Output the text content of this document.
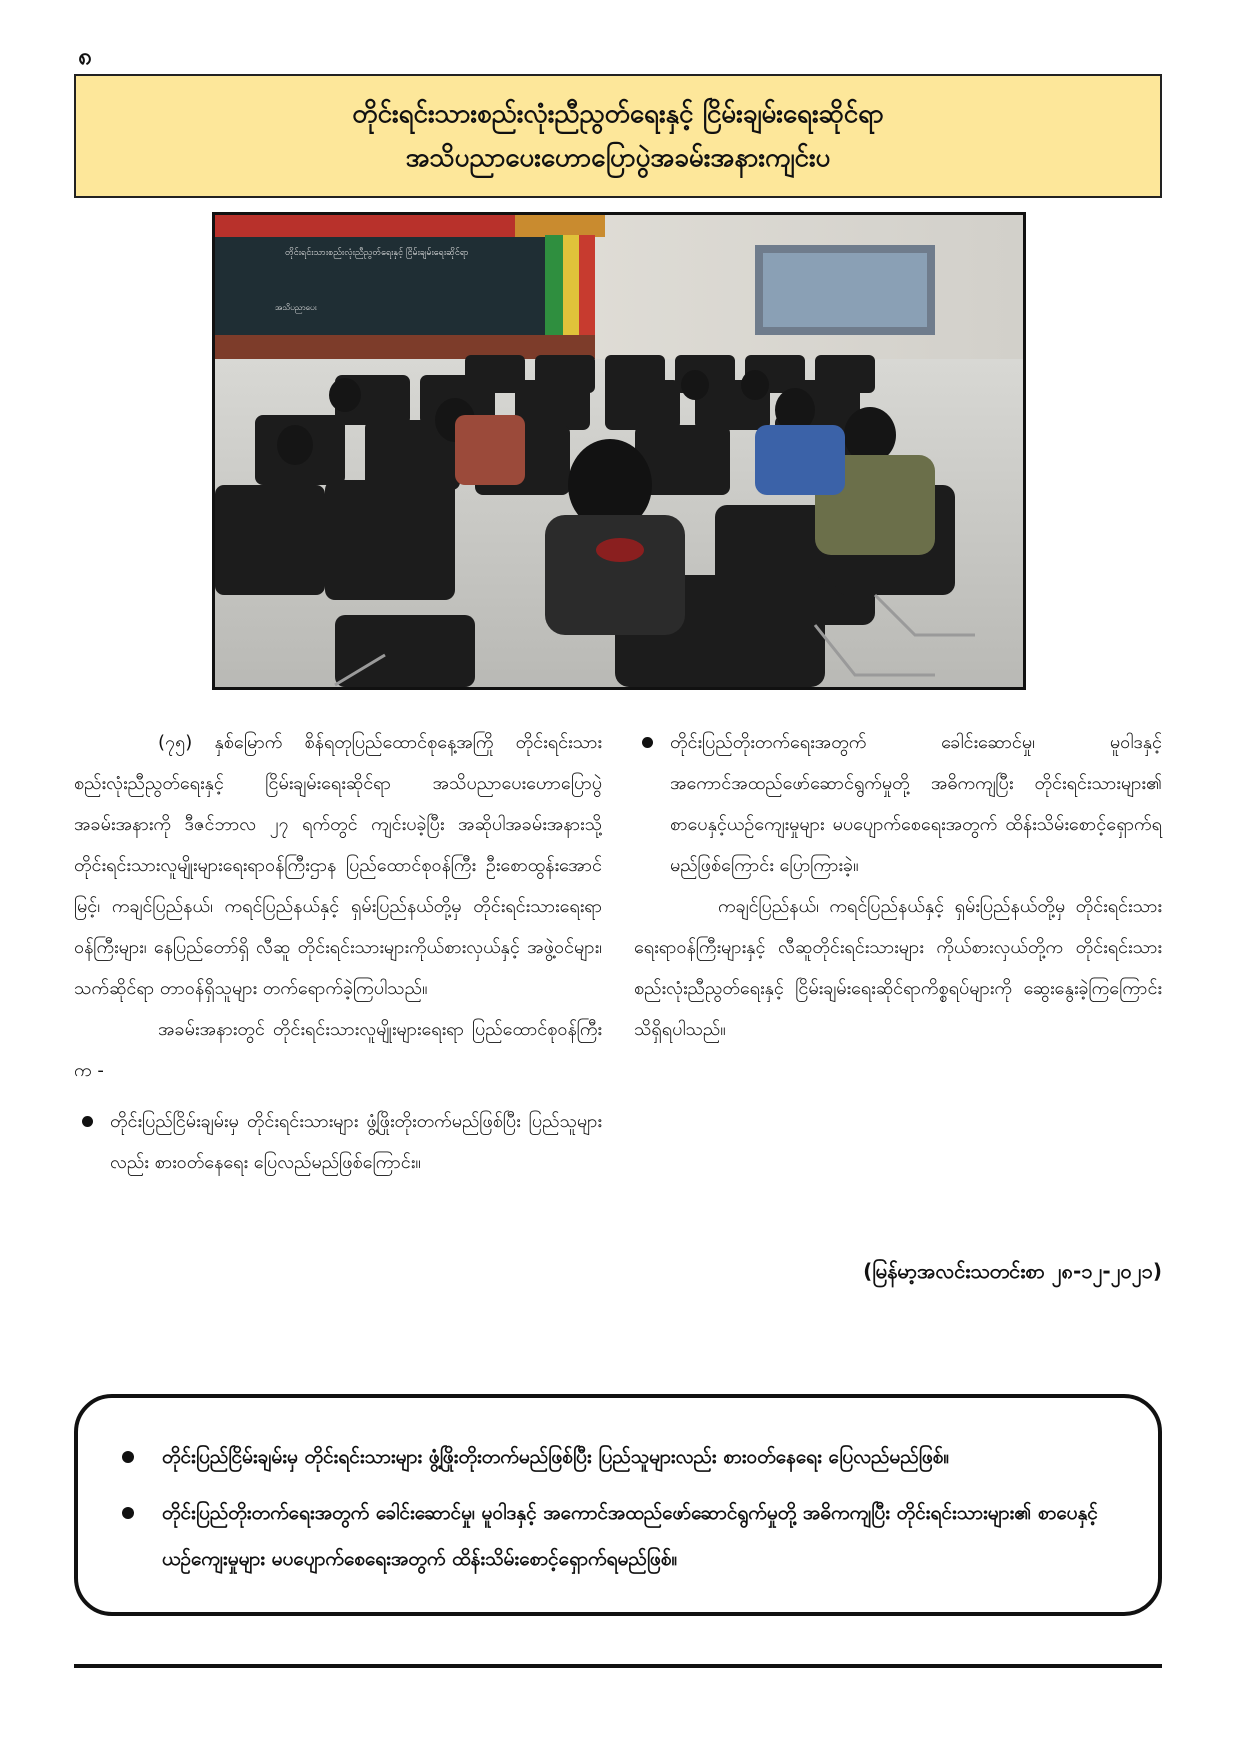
၈
တိုင်းရင်းသားစည်းလုံးညီညွတ်ရေးနှင့် ငြိမ်းချမ်းရေးဆိုင်ရာ
အသိပညာပေးဟောပြောပွဲအခမ်းအနားကျင်းပ
တိုင်းရင်းသားစည်းလုံးညီညွတ်ရေးနှင့် ငြိမ်းချမ်းရေးဆိုင်ရာ
အသိပညာပေး

(၇၅) နှစ်မြောက် စိန်ရတုပြည်ထောင်စုနေ့အကြို တိုင်းရင်းသားစည်းလုံးညီညွတ်ရေးနှင့် ငြိမ်းချမ်းရေးဆိုင်ရာ အသိပညာပေးဟောပြောပွဲအခမ်းအနားကို ဒီဇင်ဘာလ ၂၇ ရက်တွင် ကျင်းပခဲ့ပြီး အဆိုပါအခမ်းအနားသို့ တိုင်းရင်းသားလူမျိုးများရေးရာဝန်ကြီးဌာန ပြည်ထောင်စုဝန်ကြီး ဦးစောထွန်းအောင်မြင့်၊ ကချင်ပြည်နယ်၊ ကရင်ပြည်နယ်နှင့် ရှမ်းပြည်နယ်တို့မှ တိုင်းရင်းသားရေးရာဝန်ကြီးများ၊ နေပြည်တော်ရှိ လီဆူ တိုင်းရင်းသားများကိုယ်စားလှယ်နှင့် အဖွဲ့ဝင်များ၊ သက်ဆိုင်ရာ တာဝန်ရှိသူများ တက်ရောက်ခဲ့ကြပါသည်။

အခမ်းအနားတွင် တိုင်းရင်းသားလူမျိုးများရေးရာ ပြည်ထောင်စုဝန်ကြီးက -

တိုင်းပြည်ငြိမ်းချမ်းမှ တိုင်းရင်းသားများ ဖွံ့ဖြိုးတိုးတက်မည်ဖြစ်ပြီး ပြည်သူများလည်း စားဝတ်နေရေး ပြေလည်မည်ဖြစ်ကြောင်း။
တိုင်းပြည်တိုးတက်ရေးအတွက် ခေါင်းဆောင်မှု၊ မူဝါဒနှင့် အကောင်အထည်ဖော်ဆောင်ရွက်မှုတို့ အဓိကကျပြီး တိုင်းရင်းသားများ၏ စာပေနှင့်ယဉ်ကျေးမှုများ မပပျောက်စေရေးအတွက် ထိန်းသိမ်းစောင့်ရှောက်ရမည်ဖြစ်ကြောင်း ပြောကြားခဲ့။

ကချင်ပြည်နယ်၊ ကရင်ပြည်နယ်နှင့် ရှမ်းပြည်နယ်တို့မှ တိုင်းရင်းသားရေးရာဝန်ကြီးများနှင့် လီဆူတိုင်းရင်းသားများ ကိုယ်စားလှယ်တို့က တိုင်းရင်းသားစည်းလုံးညီညွတ်ရေးနှင့် ငြိမ်းချမ်းရေးဆိုင်ရာကိစ္စရပ်များကို ဆွေးနွေးခဲ့ကြကြောင်း သိရှိရပါသည်။

(မြန်မာ့အလင်းသတင်းစာ ၂၈-၁၂-၂၀၂၁)
တိုင်းပြည်ငြိမ်းချမ်းမှ တိုင်းရင်းသားများ ဖွံ့ဖြိုးတိုးတက်မည်ဖြစ်ပြီး ပြည်သူများလည်း စားဝတ်နေရေး ပြေလည်မည်ဖြစ်။
တိုင်းပြည်တိုးတက်ရေးအတွက် ခေါင်းဆောင်မှု၊ မူဝါဒနှင့် အကောင်အထည်ဖော်ဆောင်ရွက်မှုတို့ အဓိကကျပြီး တိုင်းရင်းသားများ၏ စာပေနှင့် ယဉ်ကျေးမှုများ မပပျောက်စေရေးအတွက် ထိန်းသိမ်းစောင့်ရှောက်ရမည်ဖြစ်။
